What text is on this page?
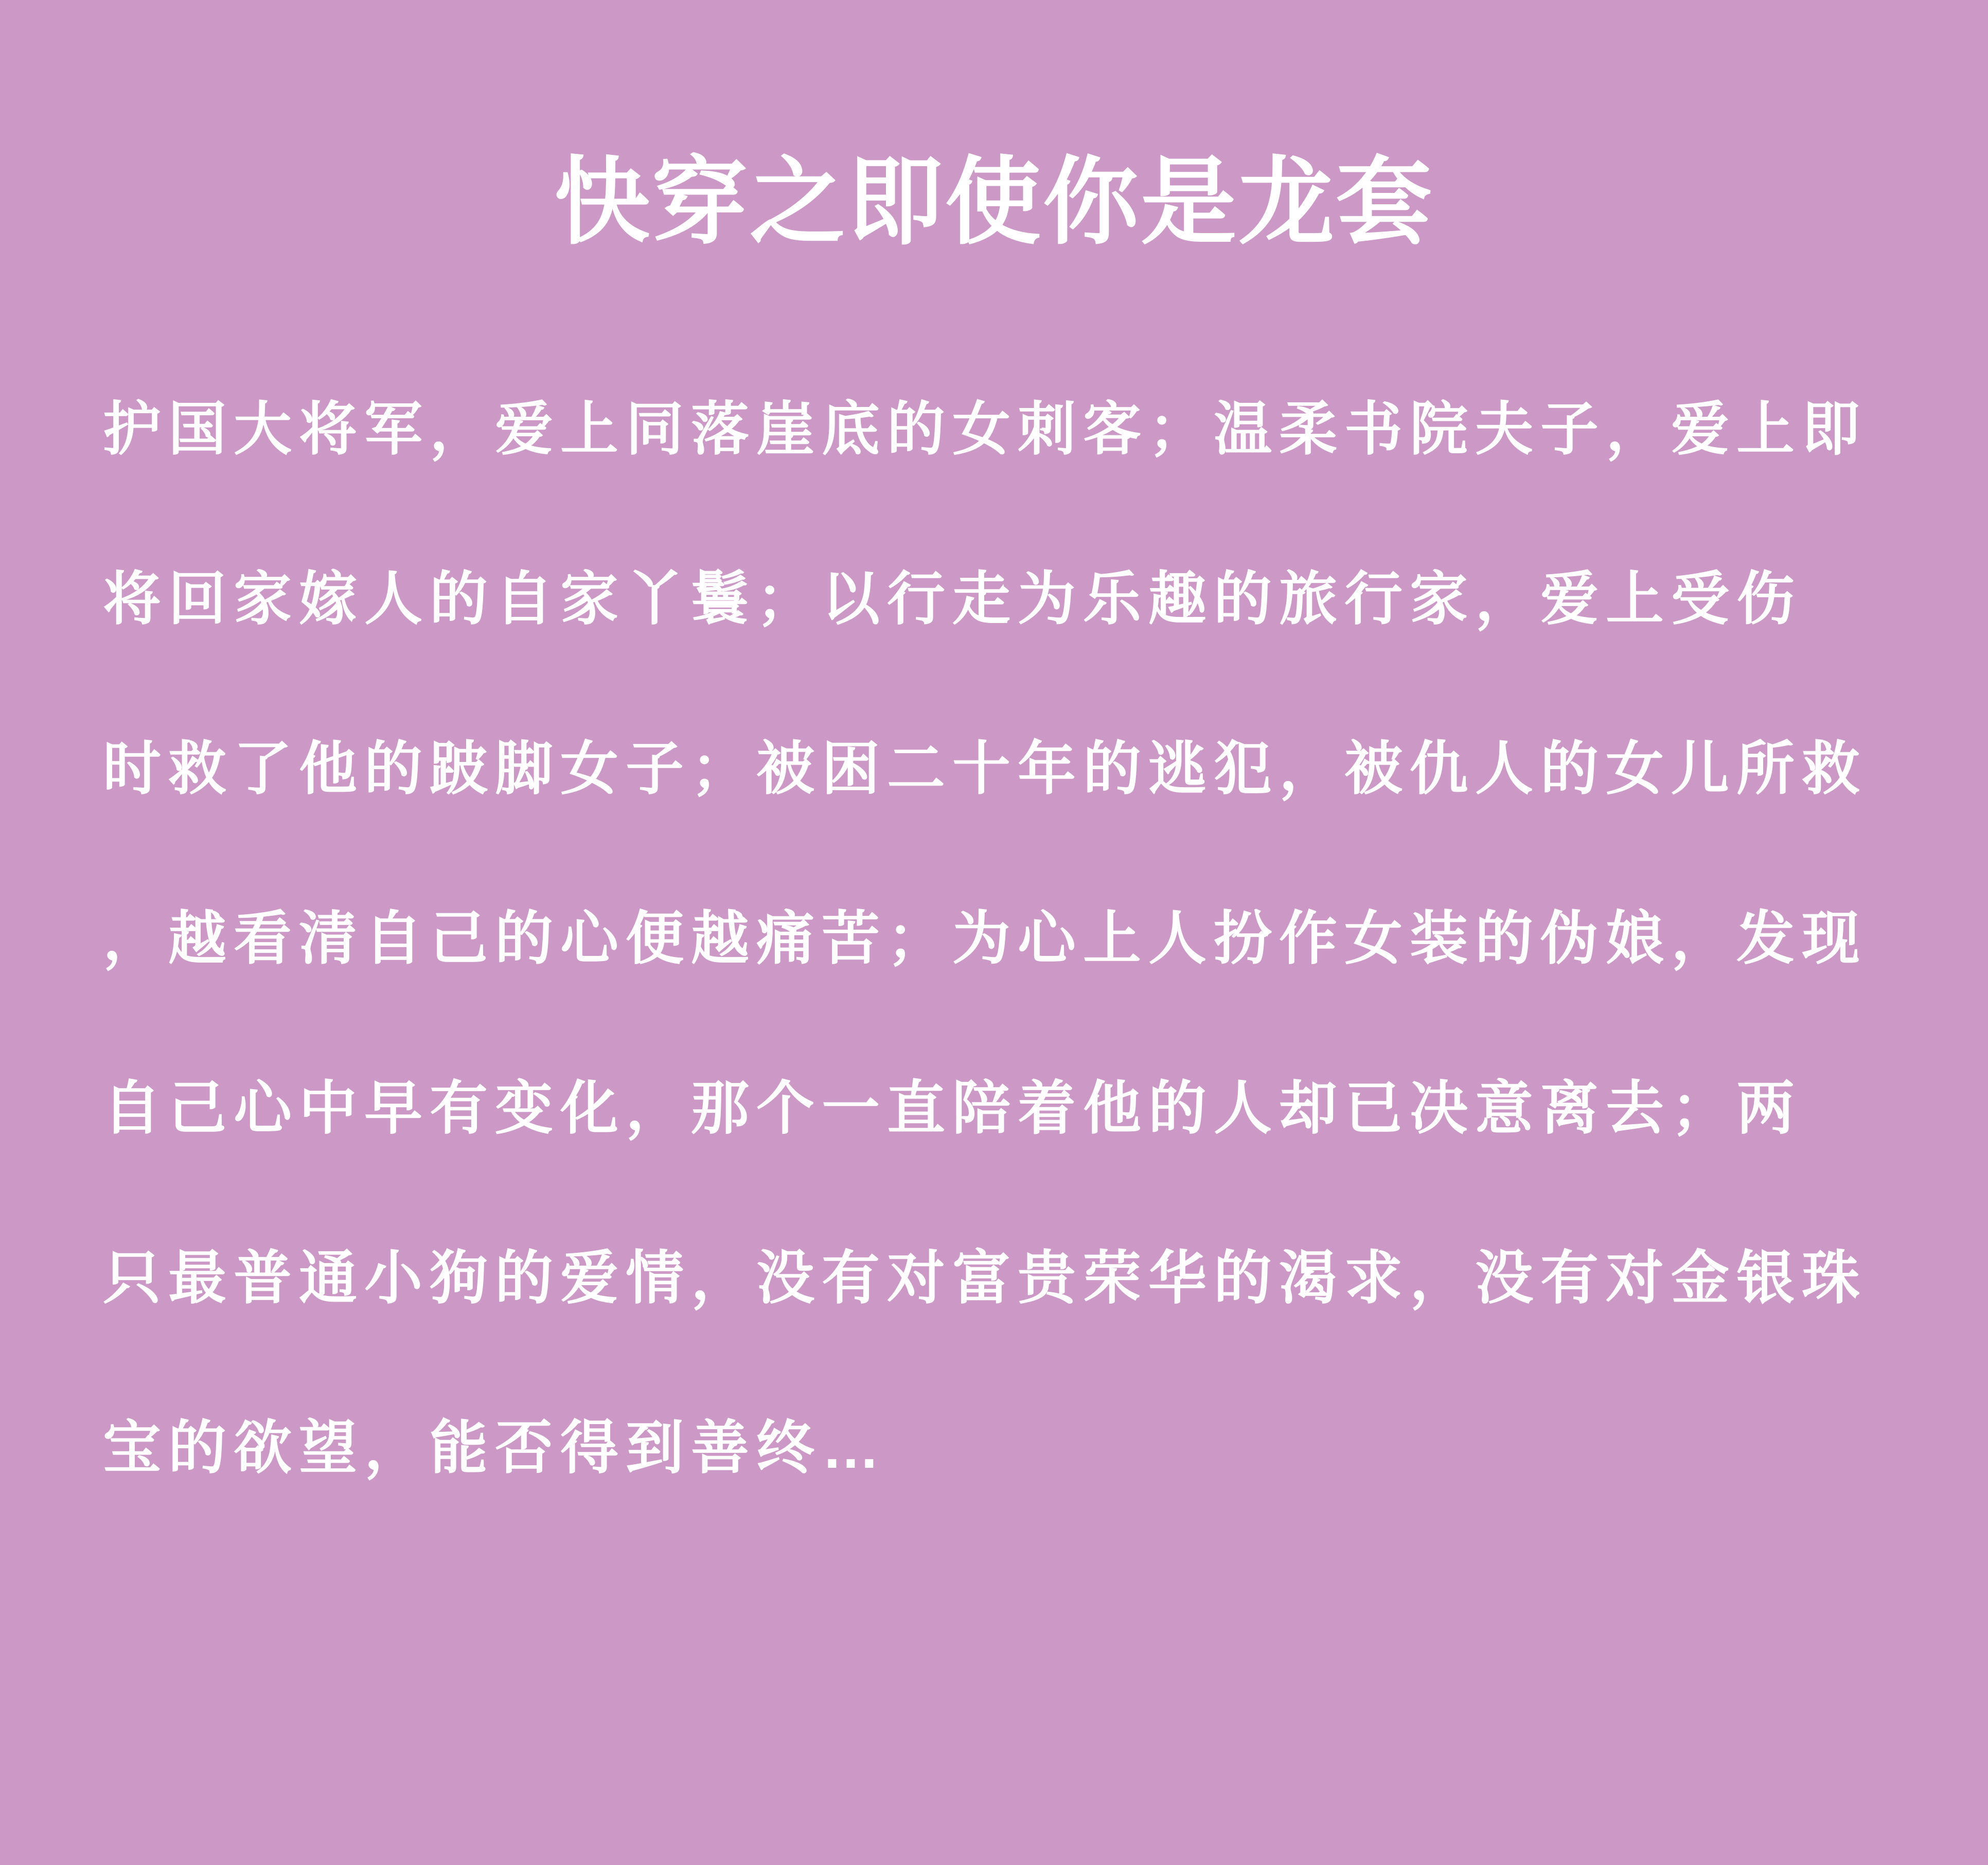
快穿之即使你是龙套
护国大将军，爱上同落崖底的女刺客；温柔书院夫子，爱上即
将回家嫁人的自家丫鬟；以行走为乐趣的旅行家，爱上受伤
时救了他的跛脚女子；被困二十年的逃犯，被仇人的女儿所救
，越看清自己的心便越痛苦；为心上人扮作女装的伪娘，发现
自己心中早有变化，那个一直陪着他的人却已决意离去；两
只最普通小狗的爱情，没有对富贵荣华的渴求，没有对金银珠
宝的欲望，能否得到善终…
